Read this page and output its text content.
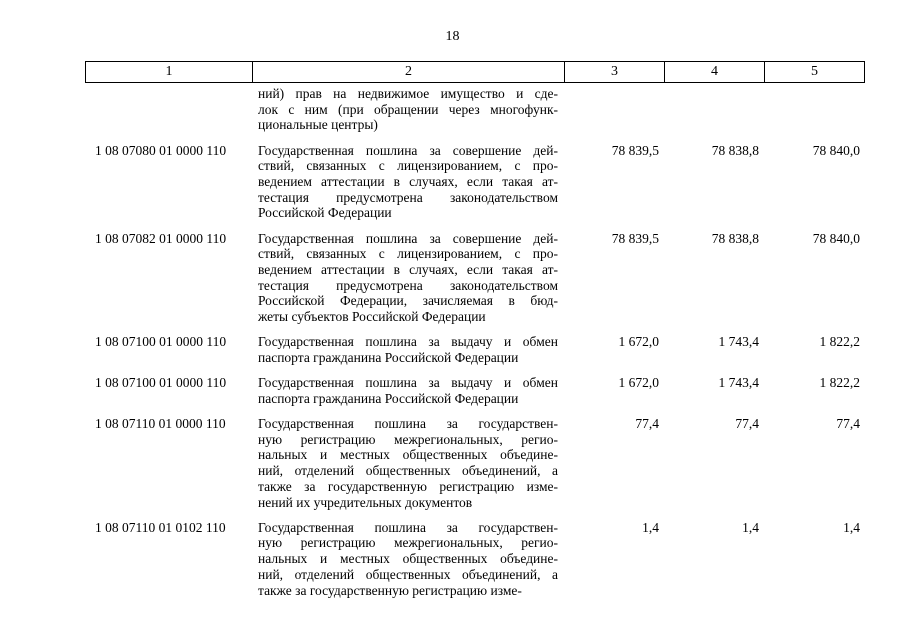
18
1	2	3	4	5
ний) прав на недвижимое имущество и сде-
лок с ним (при обращении через многофунк-
циональные центры)
1 08 07080 01 0000 110	Государственная пошлина за совершение дей-
ствий, связанных с лицензированием, с про-
ведением аттестации в случаях, если такая ат-
тестация предусмотрена законодательством
Российской Федерации
78 839,5	78 838,8	78 840,0
1 08 07082 01 0000 110	Государственная пошлина за совершение дей-
ствий, связанных с лицензированием, с про-
ведением аттестации в случаях, если такая ат-
тестация предусмотрена законодательством
Российской Федерации, зачисляемая в бюд-
жеты субъектов Российской Федерации
78 839,5	78 838,8	78 840,0
1 08 07100 01 0000 110	Государственная пошлина за выдачу и обмен
паспорта гражданина Российской Федерации
1 672,0	1 743,4	1 822,2
1 08 07100 01 0000 110	Государственная пошлина за выдачу и обмен
паспорта гражданина Российской Федерации
1 672,0	1 743,4	1 822,2
1 08 07110 01 0000 110	Государственная пошлина за государствен-
ную регистрацию межрегиональных, регио-
нальных и местных общественных объедине-
ний, отделений общественных объединений, а
также за государственную регистрацию изме-
нений их учредительных документов
77,4	77,4	77,4
1 08 07110 01 0102 110	Государственная пошлина за государствен-
ную регистрацию межрегиональных, регио-
нальных и местных общественных объедине-
ний, отделений общественных объединений, а
также за государственную регистрацию изме-
1,4	1,4	1,4
